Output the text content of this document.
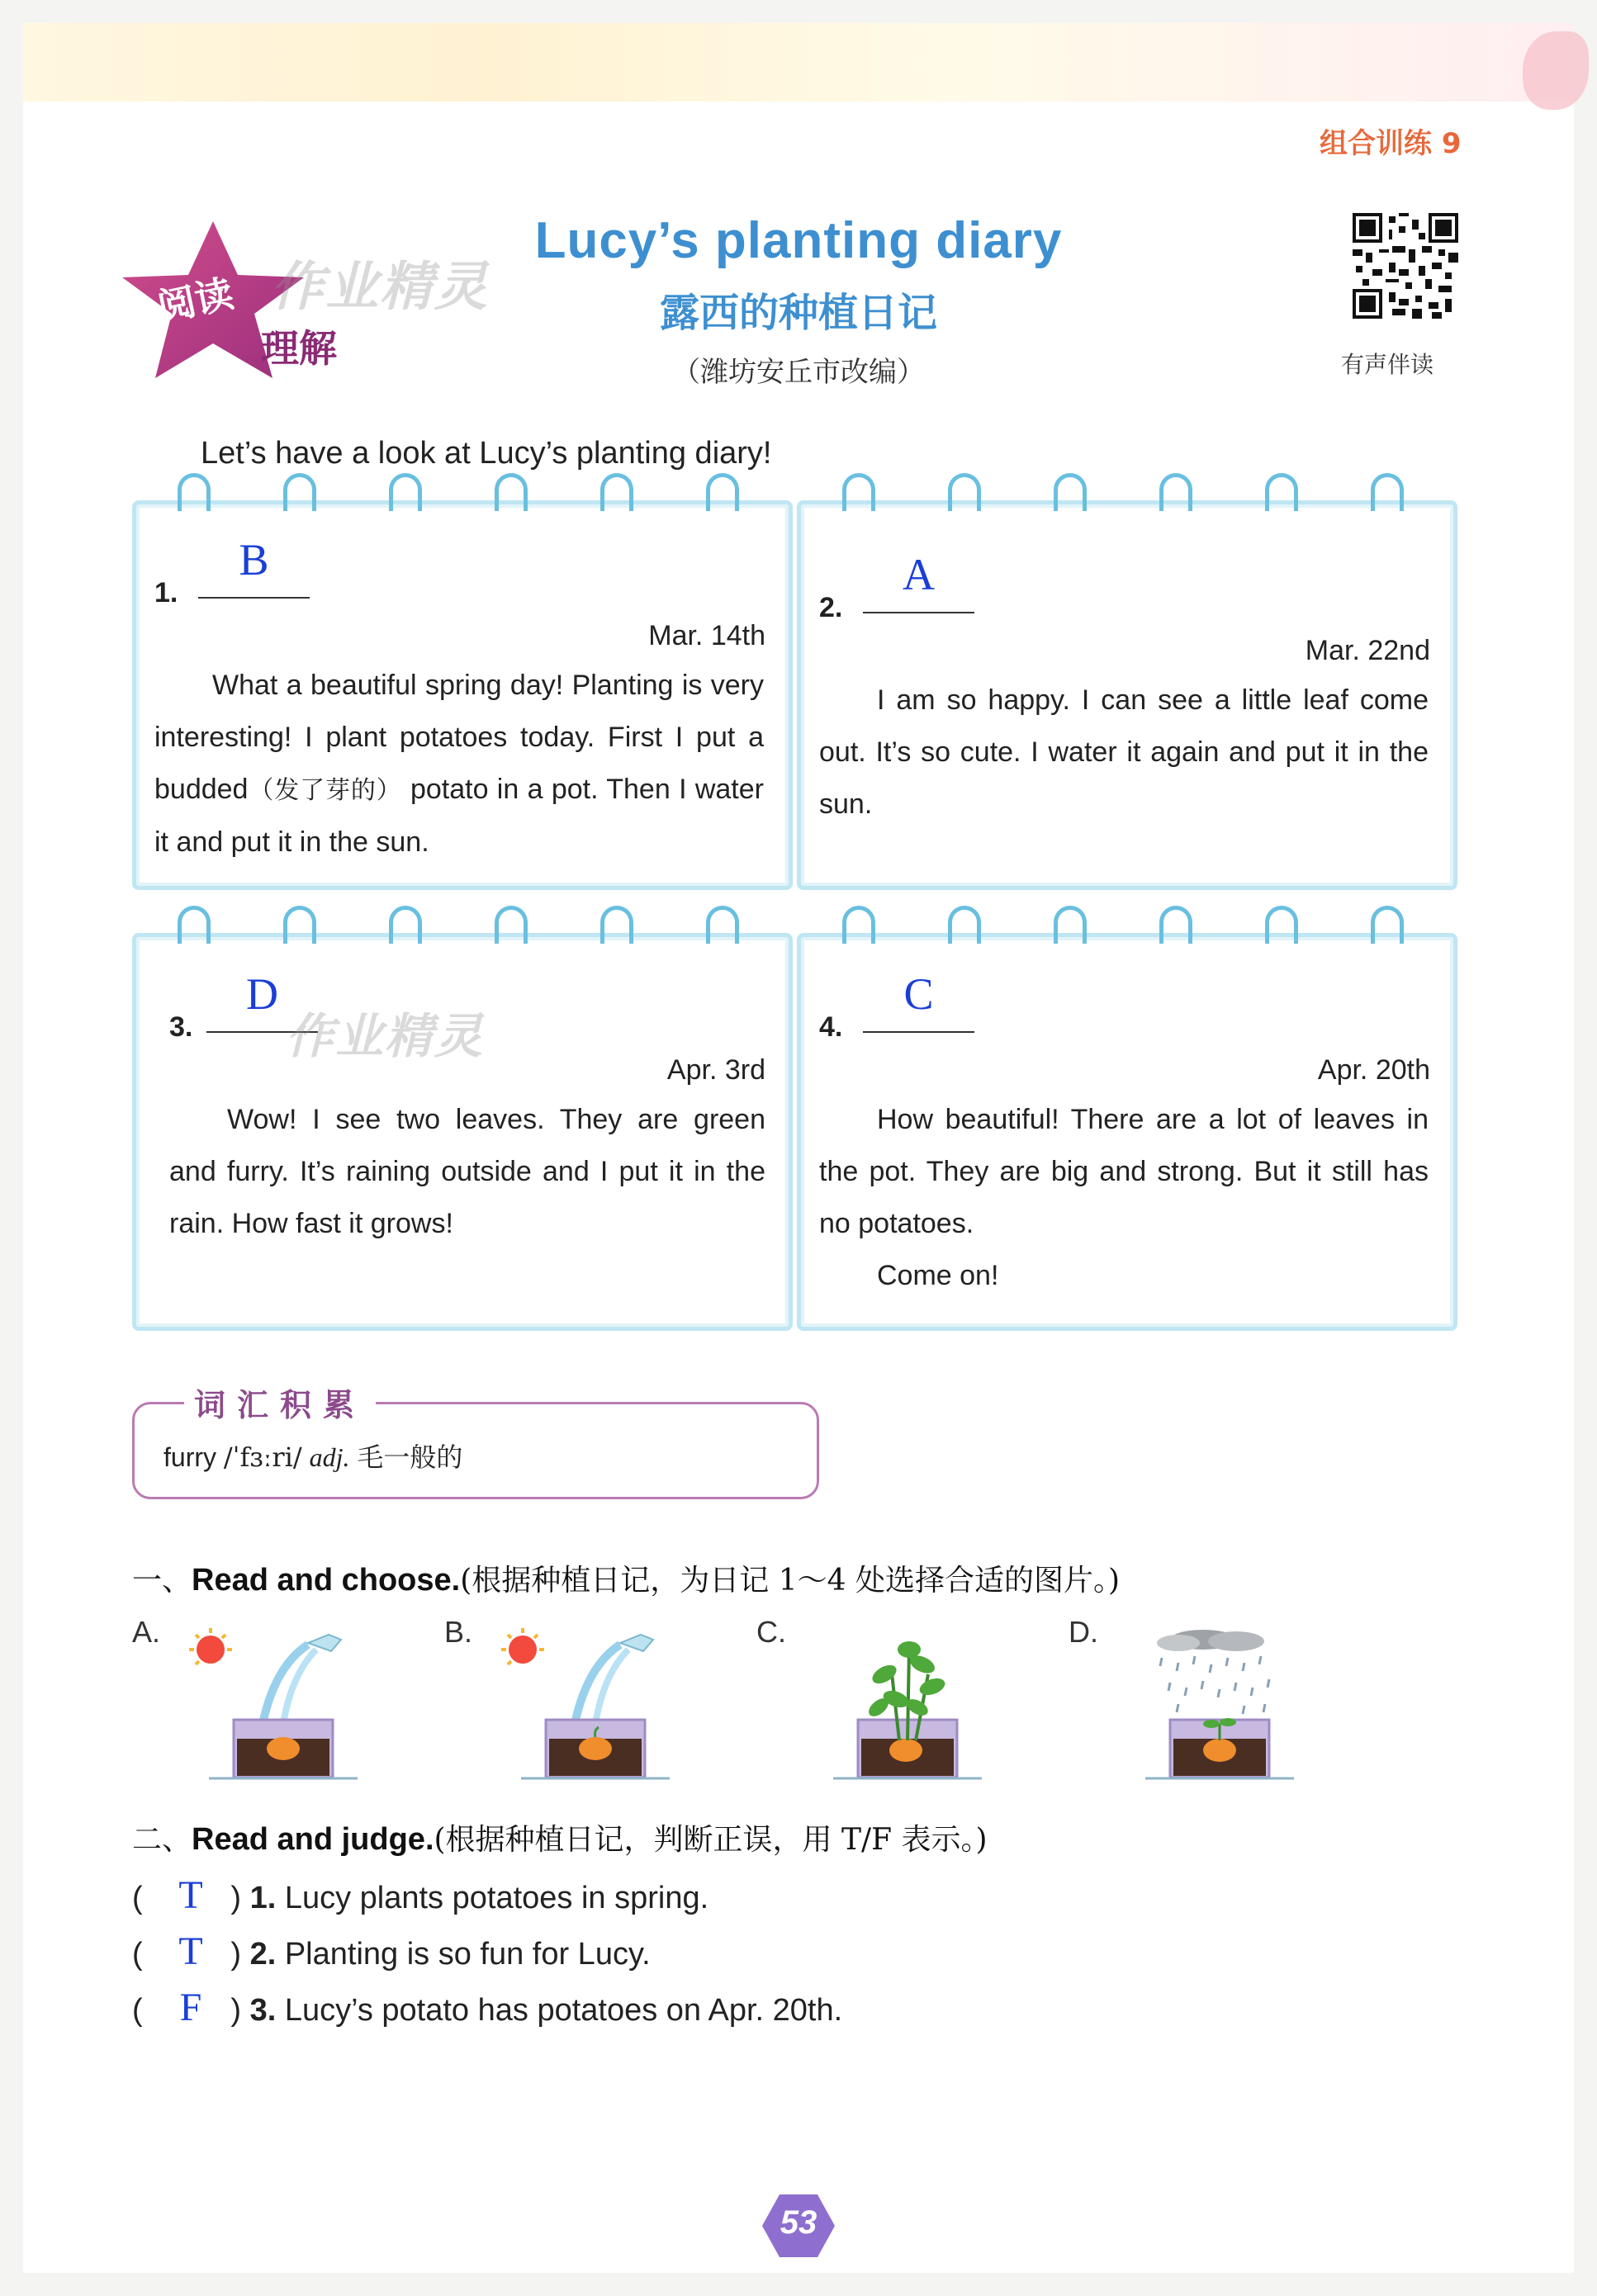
组合训练 9
阅读
理解
作业精灵
Lucy’s planting diary
露西的种植日记
（潍坊安丘市改编）	有声伴读
Let’s have a look at Lucy’s planting diary!
1.
B
Mar. 14th
What a beautiful spring day! Planting is very interesting! I plant potatoes today. First I put a budded（发了芽的） potato in a pot. Then I water it and put it in the sun.
2.
A
Mar. 22nd
I am so happy. I can see a little leaf come out. It’s so cute. I water it again and put it in the sun.
3.
D
Apr. 3rd
Wow! I see two leaves. They are green and furry. It’s raining outside and I put it in the rain. How fast it grows!
作业精灵	4.
C
Apr. 20th
How beautiful! There are a lot of leaves in the pot. They are big and strong. But it still has no potatoes.
Come on!
词汇积累
furry /ˈfɜːri/ adj. 毛一般的
一、Read and choose.(根据种植日记，为日记 1～4 处选择合适的图片。)
A.	B.	C.	D.
二、Read and judge.(根据种植日记，判断正误，用 T/F 表示。)
( T ) 1. Lucy plants potatoes in spring.
( T ) 2. Planting is so fun for Lucy.
( F ) 3. Lucy’s potato has potatoes on Apr. 20th.
53
